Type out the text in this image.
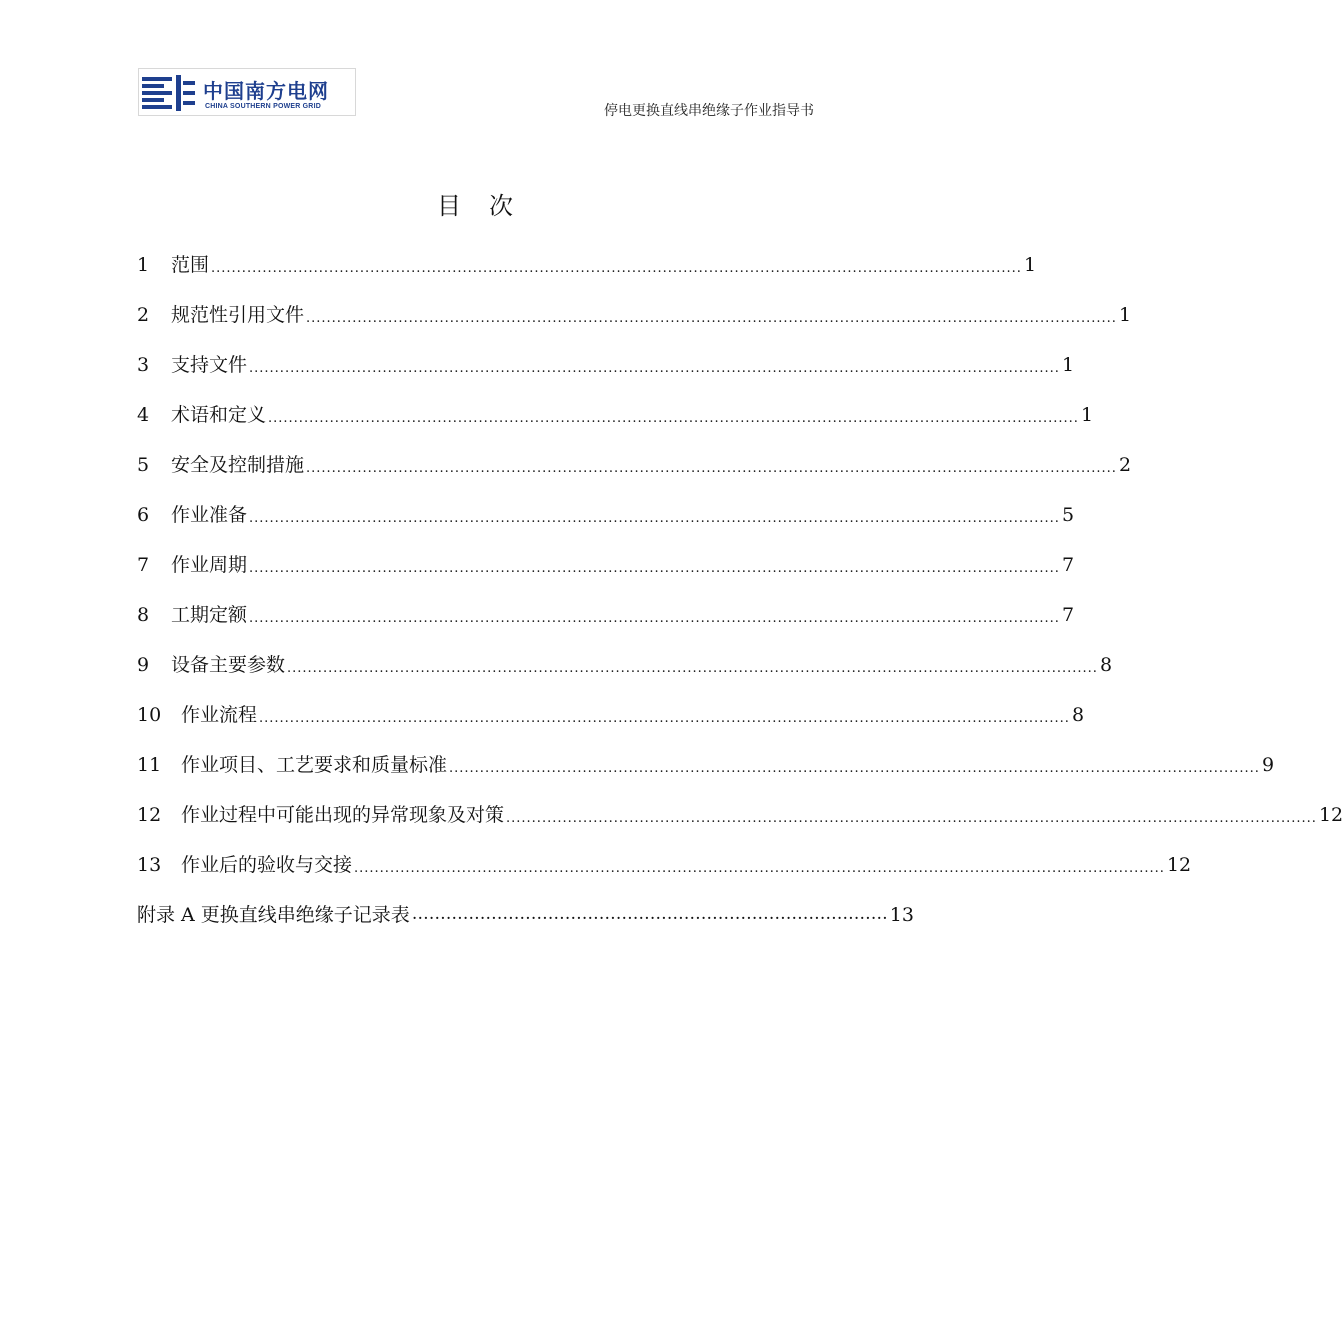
中国南方电网
CHINA SOUTHERN POWER GRID	停电更换直线串绝缘子作业指导书
目 次
1	范围 .............................................................................................................................................................. 1
2	规范性引用文件 .............................................................................................................................................................. 1
3	支持文件 .............................................................................................................................................................. 1
4	术语和定义 .............................................................................................................................................................. 1
5	安全及控制措施 .............................................................................................................................................................. 2
6	作业准备 .............................................................................................................................................................. 5
7	作业周期 .............................................................................................................................................................. 7
8	工期定额 .............................................................................................................................................................. 7
9	设备主要参数 .............................................................................................................................................................. 8
10	作业流程 .............................................................................................................................................................. 8
11	作业项目、工艺要求和质量标准 .............................................................................................................................................................. 9
12	作业过程中可能出现的异常现象及对策 .............................................................................................................................................................. 12
13	作业后的验收与交接 .............................................................................................................................................................. 12
附录 A 更换直线串绝缘子记录表 ………………………………………………………………………… 13
